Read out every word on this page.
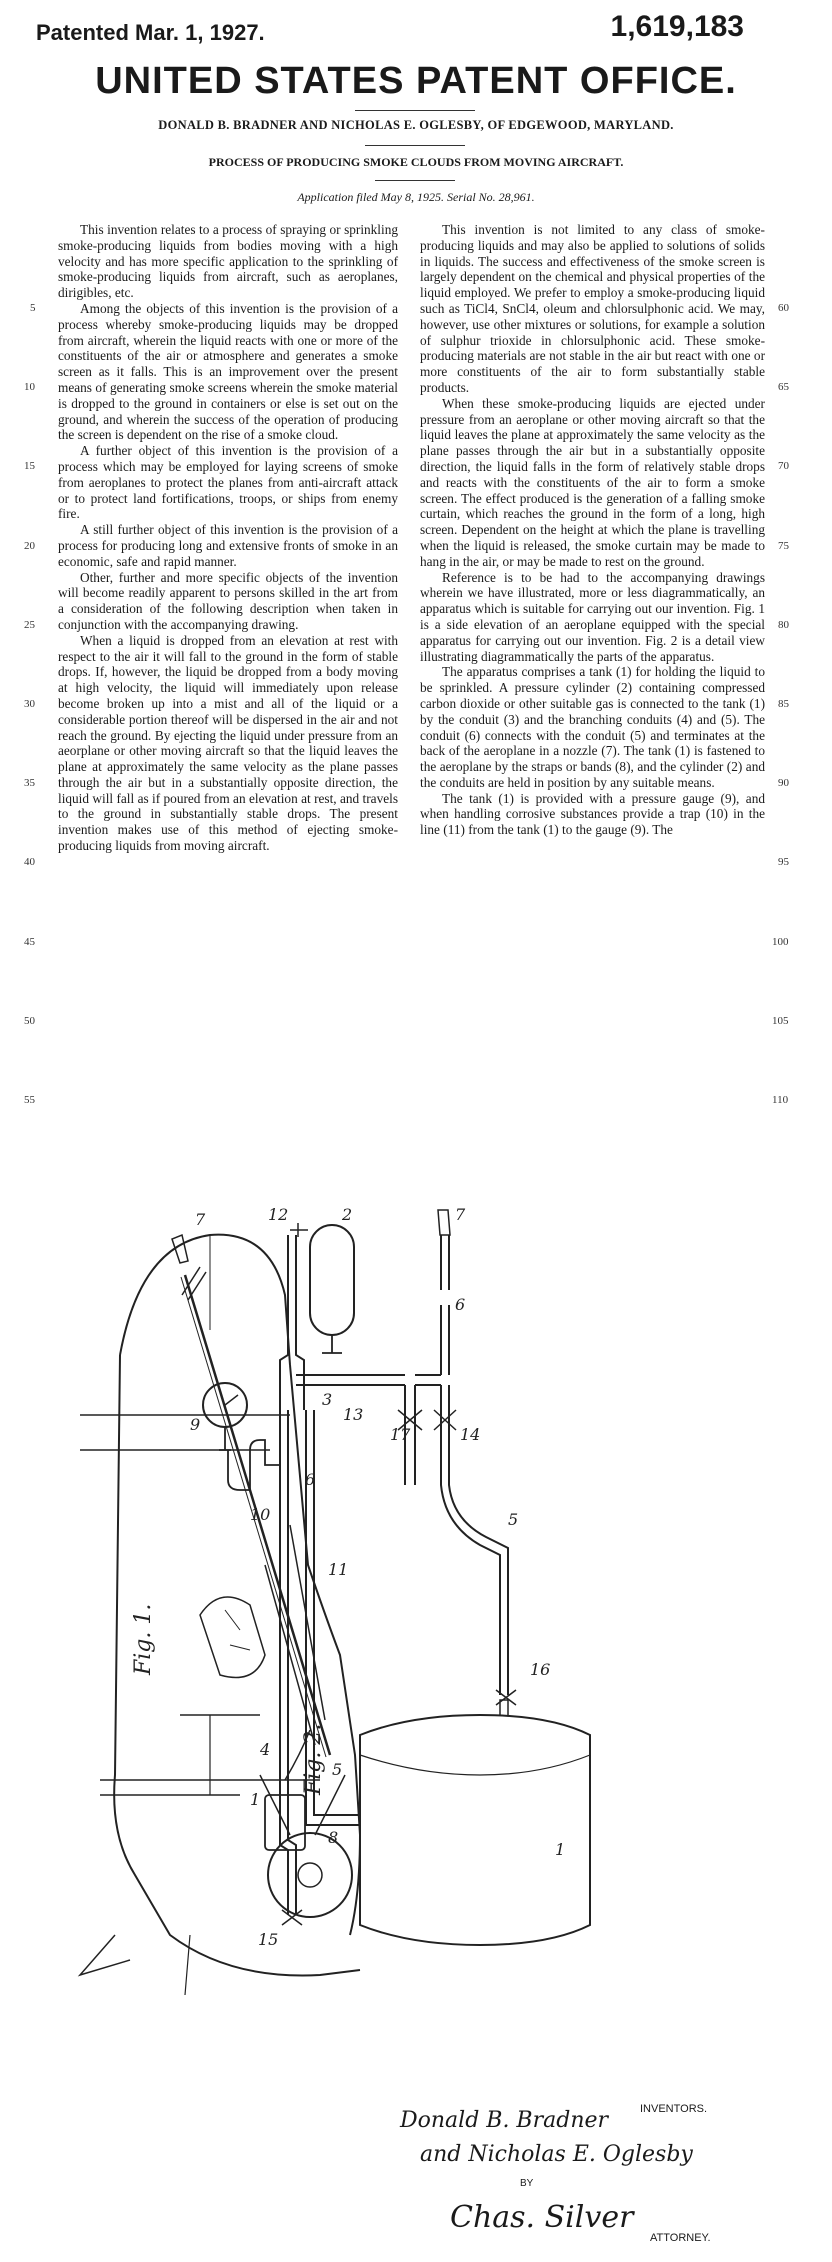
Patented Mar. 1, 1927.	1,619,183
UNITED STATES PATENT OFFICE.
DONALD B. BRADNER AND NICHOLAS E. OGLESBY, OF EDGEWOOD, MARYLAND.
PROCESS OF PRODUCING SMOKE CLOUDS FROM MOVING AIRCRAFT.
Application filed May 8, 1925. Serial No. 28,961.

This invention relates to a process of spraying or sprinkling smoke-producing liquids from bodies moving with a high velocity and has more specific application to the sprinkling of smoke-producing liquids from aircraft, such as aeroplanes, dirigibles, etc.

Among the objects of this invention is the provision of a process whereby smoke-producing liquids may be dropped from aircraft, wherein the liquid reacts with one or more of the constituents of the air or atmosphere and generates a smoke screen as it falls. This is an improvement over the present means of generating smoke screens wherein the smoke material is dropped to the ground in containers or else is set out on the ground, and wherein the success of the operation of producing the screen is dependent on the rise of a smoke cloud.

A further object of this invention is the provision of a process which may be employed for laying screens of smoke from aeroplanes to protect the planes from anti-aircraft attack or to protect land fortifications, troops, or ships from enemy fire.

A still further object of this invention is the provision of a process for producing long and extensive fronts of smoke in an economic, safe and rapid manner.

Other, further and more specific objects of the invention will become readily apparent to persons skilled in the art from a consideration of the following description when taken in conjunction with the accompanying drawing.

When a liquid is dropped from an elevation at rest with respect to the air it will fall to the ground in the form of stable drops. If, however, the liquid be dropped from a body moving at high velocity, the liquid will immediately upon release become broken up into a mist and all of the liquid or a considerable portion thereof will be dispersed in the air and not reach the ground. By ejecting the liquid under pressure from an aeorplane or other moving aircraft so that the liquid leaves the plane at approximately the same velocity as the plane passes through the air but in a substantially opposite direction, the liquid will fall as if poured from an elevation at rest, and travels to the ground in substantially stable drops. The present invention makes use of this method of ejecting smoke-producing liquids from moving aircraft.

This invention is not limited to any class of smoke-producing liquids and may also be applied to solutions of solids in liquids. The success and effectiveness of the smoke screen is largely dependent on the chemical and physical properties of the liquid employed. We prefer to employ a smoke-producing liquid such as TiCl4, SnCl4, oleum and chlorsulphonic acid. We may, however, use other mixtures or solutions, for example a solution of sulphur trioxide in chlorsulphonic acid. These smoke-producing materials are not stable in the air but react with one or more constituents of the air to form substantially stable products.

When these smoke-producing liquids are ejected under pressure from an aeroplane or other moving aircraft so that the liquid leaves the plane at approximately the same velocity as the plane passes through the air but in a substantially opposite direction, the liquid falls in the form of relatively stable drops and reacts with the constituents of the air to form a smoke screen. The effect produced is the generation of a falling smoke curtain, which reaches the ground in the form of a long, high screen. Dependent on the height at which the plane is travelling when the liquid is released, the smoke curtain may be made to hang in the air, or may be made to rest on the ground.

Reference is to be had to the accompanying drawings wherein we have illustrated, more or less diagrammatically, an apparatus which is suitable for carrying out our invention. Fig. 1 is a side elevation of an aeroplane equipped with the special apparatus for carrying out our invention. Fig. 2 is a detail view illustrating diagrammatically the parts of the apparatus.

The apparatus comprises a tank (1) for holding the liquid to be sprinkled. A pressure cylinder (2) containing compressed carbon dioxide or other suitable gas is connected to the tank (1) by the conduit (3) and the branching conduits (4) and (5). The conduit (6) connects with the conduit (5) and terminates at the back of the aeroplane in a nozzle (7). The tank (1) is fastened to the aeroplane by the straps or bands (8), and the cylinder (2) and the conduits are held in position by any suitable means.

The tank (1) is provided with a pressure gauge (9), and when handling corrosive substances provide a trap (10) in the line (11) from the tank (1) to the gauge (9). The

5
10
15
20
25
30
35
40
45
50
55
60
65
70
75
80
85
90
95
100
105
110
Fig. 1.
7
6
5
1
8
Fig. 2.
2
12	7
6
3
13
17	14
9
10
11
5
16
4
1
15
Donald B. Bradner	INVENTORS.
and Nicholas E. Oglesby
BY
Chas. Silver
ATTORNEY.
